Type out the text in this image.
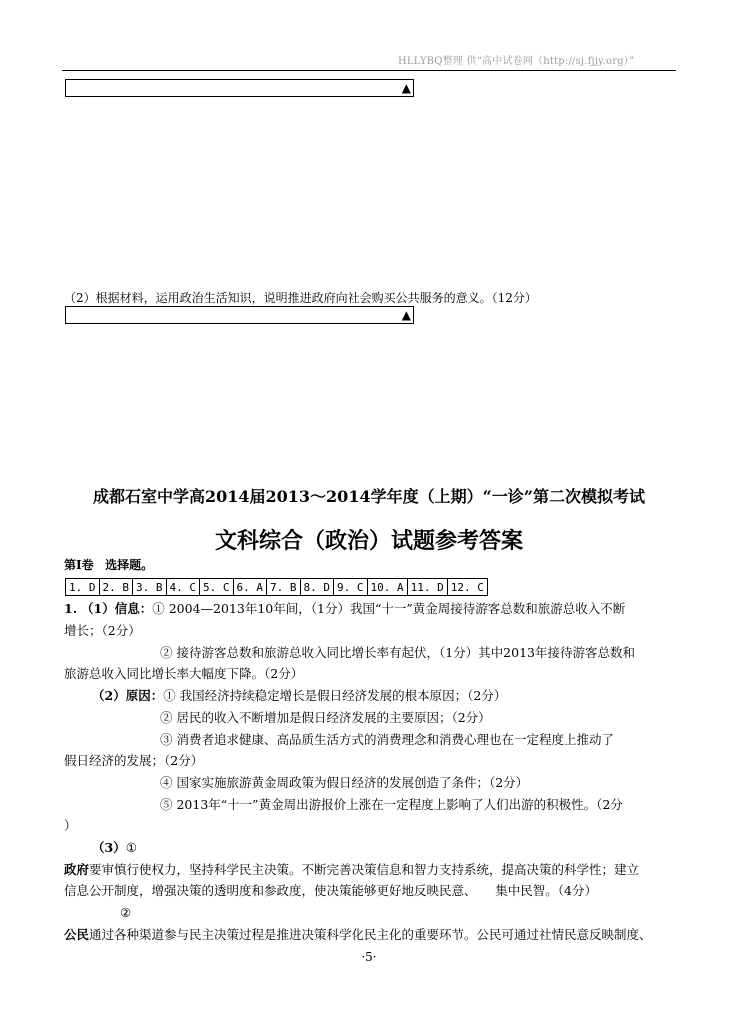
HLLYBQ整理 供“高中试卷网（http://sj.fjjy.org）”
▲
（2）根据材料，运用政治生活知识，说明推进政府向社会购买公共服务的意义。（12分）
▲
成都石室中学高2014届2013～2014学年度（上期）“一诊”第二次模拟考试
文科综合（政治）试题参考答案
第Ⅰ卷 选择题。
1. D	2. B	3. B	4. C	5. C	6. A	7. B	8. D	9. C	10. A	11. D	12. C
1. （1）信息：① 2004—2013年10年间，（1分）我国“十一”黄金周接待游客总数和旅游总收入不断
增长；（2分）
② 接待游客总数和旅游总收入同比增长率有起伏，（1分）其中2013年接待游客总数和
旅游总收入同比增长率大幅度下降。（2分）
（2）原因：① 我国经济持续稳定增长是假日经济发展的根本原因；（2分）
② 居民的收入不断增加是假日经济发展的主要原因；（2分）
③ 消费者追求健康、高品质生活方式的消费理念和消费心理也在一定程度上推动了
假日经济的发展；（2分）
④ 国家实施旅游黄金周政策为假日经济的发展创造了条件；（2分）
⑤ 2013年“十一”黄金周出游报价上涨在一定程度上影响了人们出游的积极性。（2分
）
（3）①
政府要审慎行使权力，坚持科学民主决策。不断完善决策信息和智力支持系统，提高决策的科学性；建立
信息公开制度，增强决策的透明度和参政度，使决策能够更好地反映民意、　　集中民智。（4分）
②
公民通过各种渠道参与民主决策过程是推进决策科学化民主化的重要环节。公民可通过社情民意反映制度、
·5·
